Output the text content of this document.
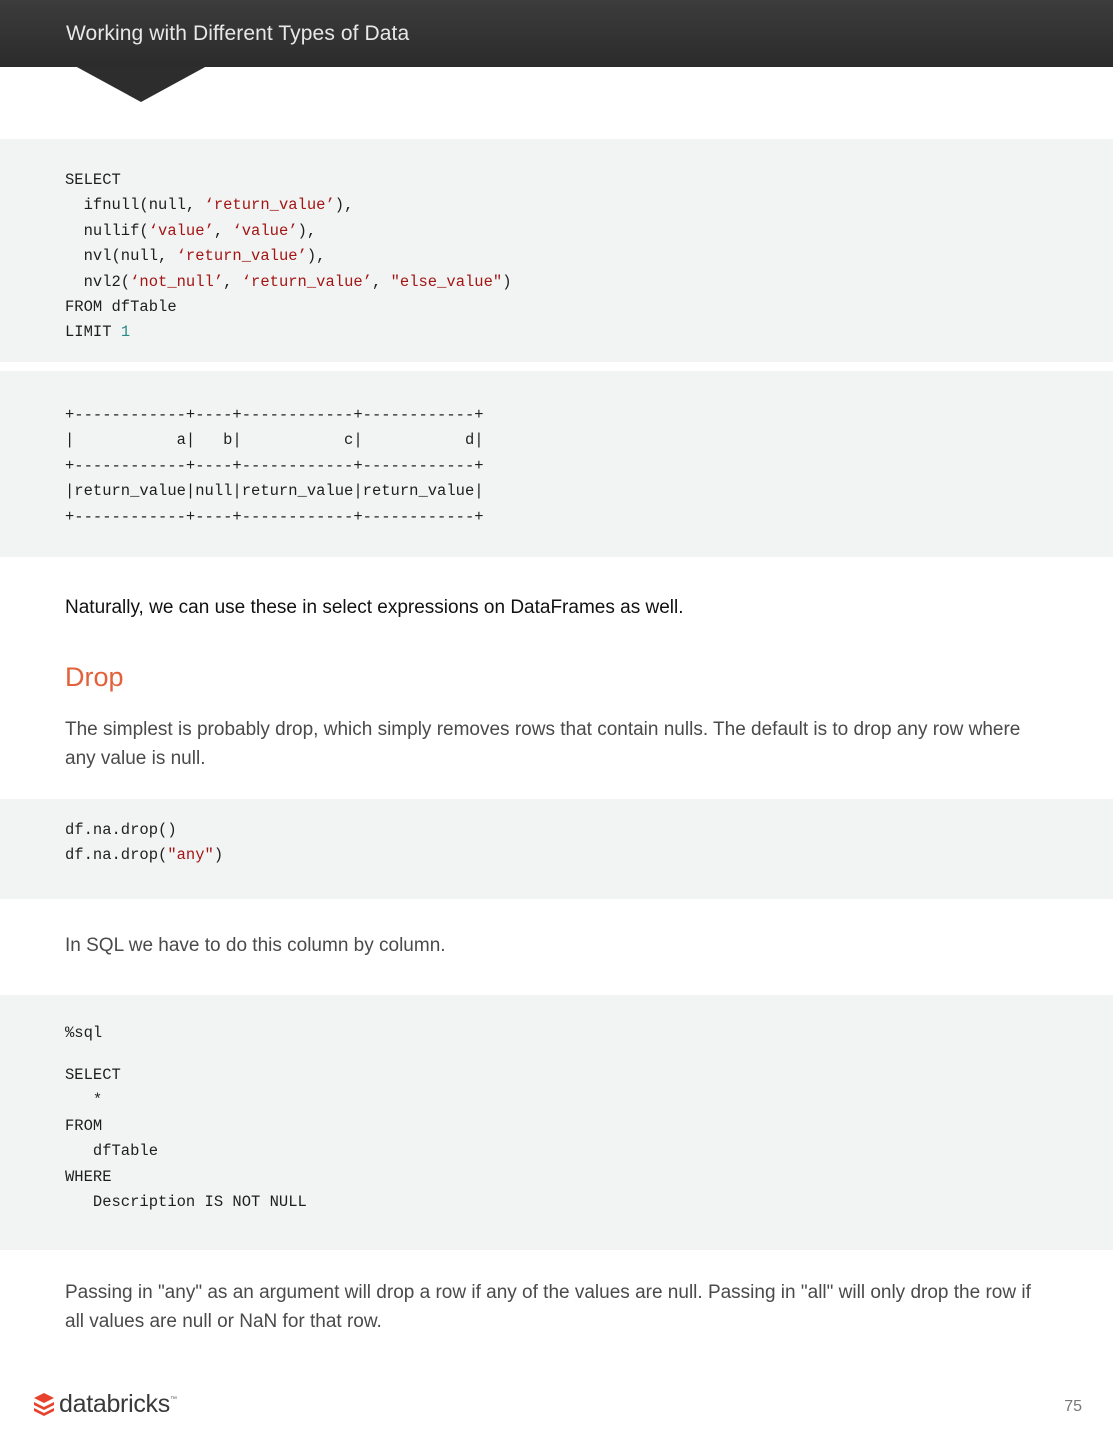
Working with Different Types of Data
SELECT
ifnull(null, ‘return_value’),
nullif(‘value’, ‘value’),
nvl(null, ‘return_value’),
nvl2(‘not_null’, ‘return_value’, "else_value")
FROM dfTable
LIMIT 1
+------------+----+------------+------------+
|           a|   b|           c|           d|
+------------+----+------------+------------+
|return_value|null|return_value|return_value|
+------------+----+------------+------------+

Naturally, we can use these in select expressions on DataFrames as well.

Drop

The simplest is probably drop, which simply removes rows that contain nulls. The default is to drop any row where any value is null.

df.na.drop()
df.na.drop("any")

In SQL we have to do this column by column.

%sql
SELECT
*
FROM
dfTable
WHERE
Description IS NOT NULL

Passing in "any" as an argument will drop a row if any of the values are null. Passing in "all" will only drop the row if all values are null or NaN for that row.

databricks ™	75
